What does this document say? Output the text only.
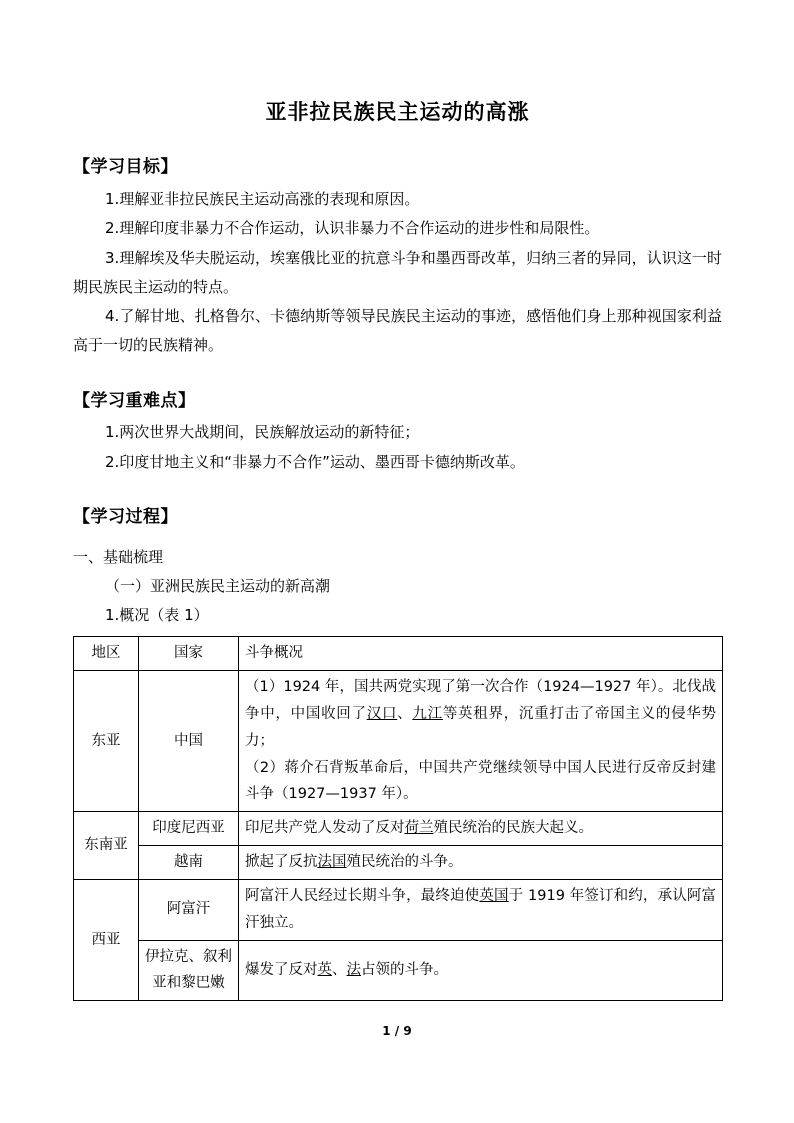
亚非拉民族民主运动的高涨
【学习目标】
1.理解亚非拉民族民主运动高涨的表现和原因。
2.理解印度非暴力不合作运动，认识非暴力不合作运动的进步性和局限性。
3.理解埃及华夫脱运动，埃塞俄比亚的抗意斗争和墨西哥改革，归纳三者的异同，认识这一时期民族民主运动的特点。
4.了解甘地、扎格鲁尔、卡德纳斯等领导民族民主运动的事迹，感悟他们身上那种视国家利益高于一切的民族精神。
【学习重难点】
1.两次世界大战期间，民族解放运动的新特征；
2.印度甘地主义和“非暴力不合作”运动、墨西哥卡德纳斯改革。
【学习过程】
一、基础梳理
（一）亚洲民族民主运动的新高潮
1.概况（表 1）
地区	国家	斗争概况
东亚	中国	（1）1924 年，国共两党实现了第一次合作（1924—1927 年）。北伐战争中，中国收回了汉口、九江等英租界，沉重打击了帝国主义的侵华势力；
（2）蒋介石背叛革命后，中国共产党继续领导中国人民进行反帝反封建斗争（1927—1937 年）。

东南亚	印度尼西亚	印尼共产党人发动了反对荷兰殖民统治的民族大起义。

	越南	掀起了反抗法国殖民统治的斗争。

西亚	阿富汗	阿富汗人民经过长期斗争，最终迫使英国于 1919 年签订和约，承认阿富汗独立。

	伊拉克、叙利亚和黎巴嫩	爆发了反对英、法占领的斗争。
1 / 9
